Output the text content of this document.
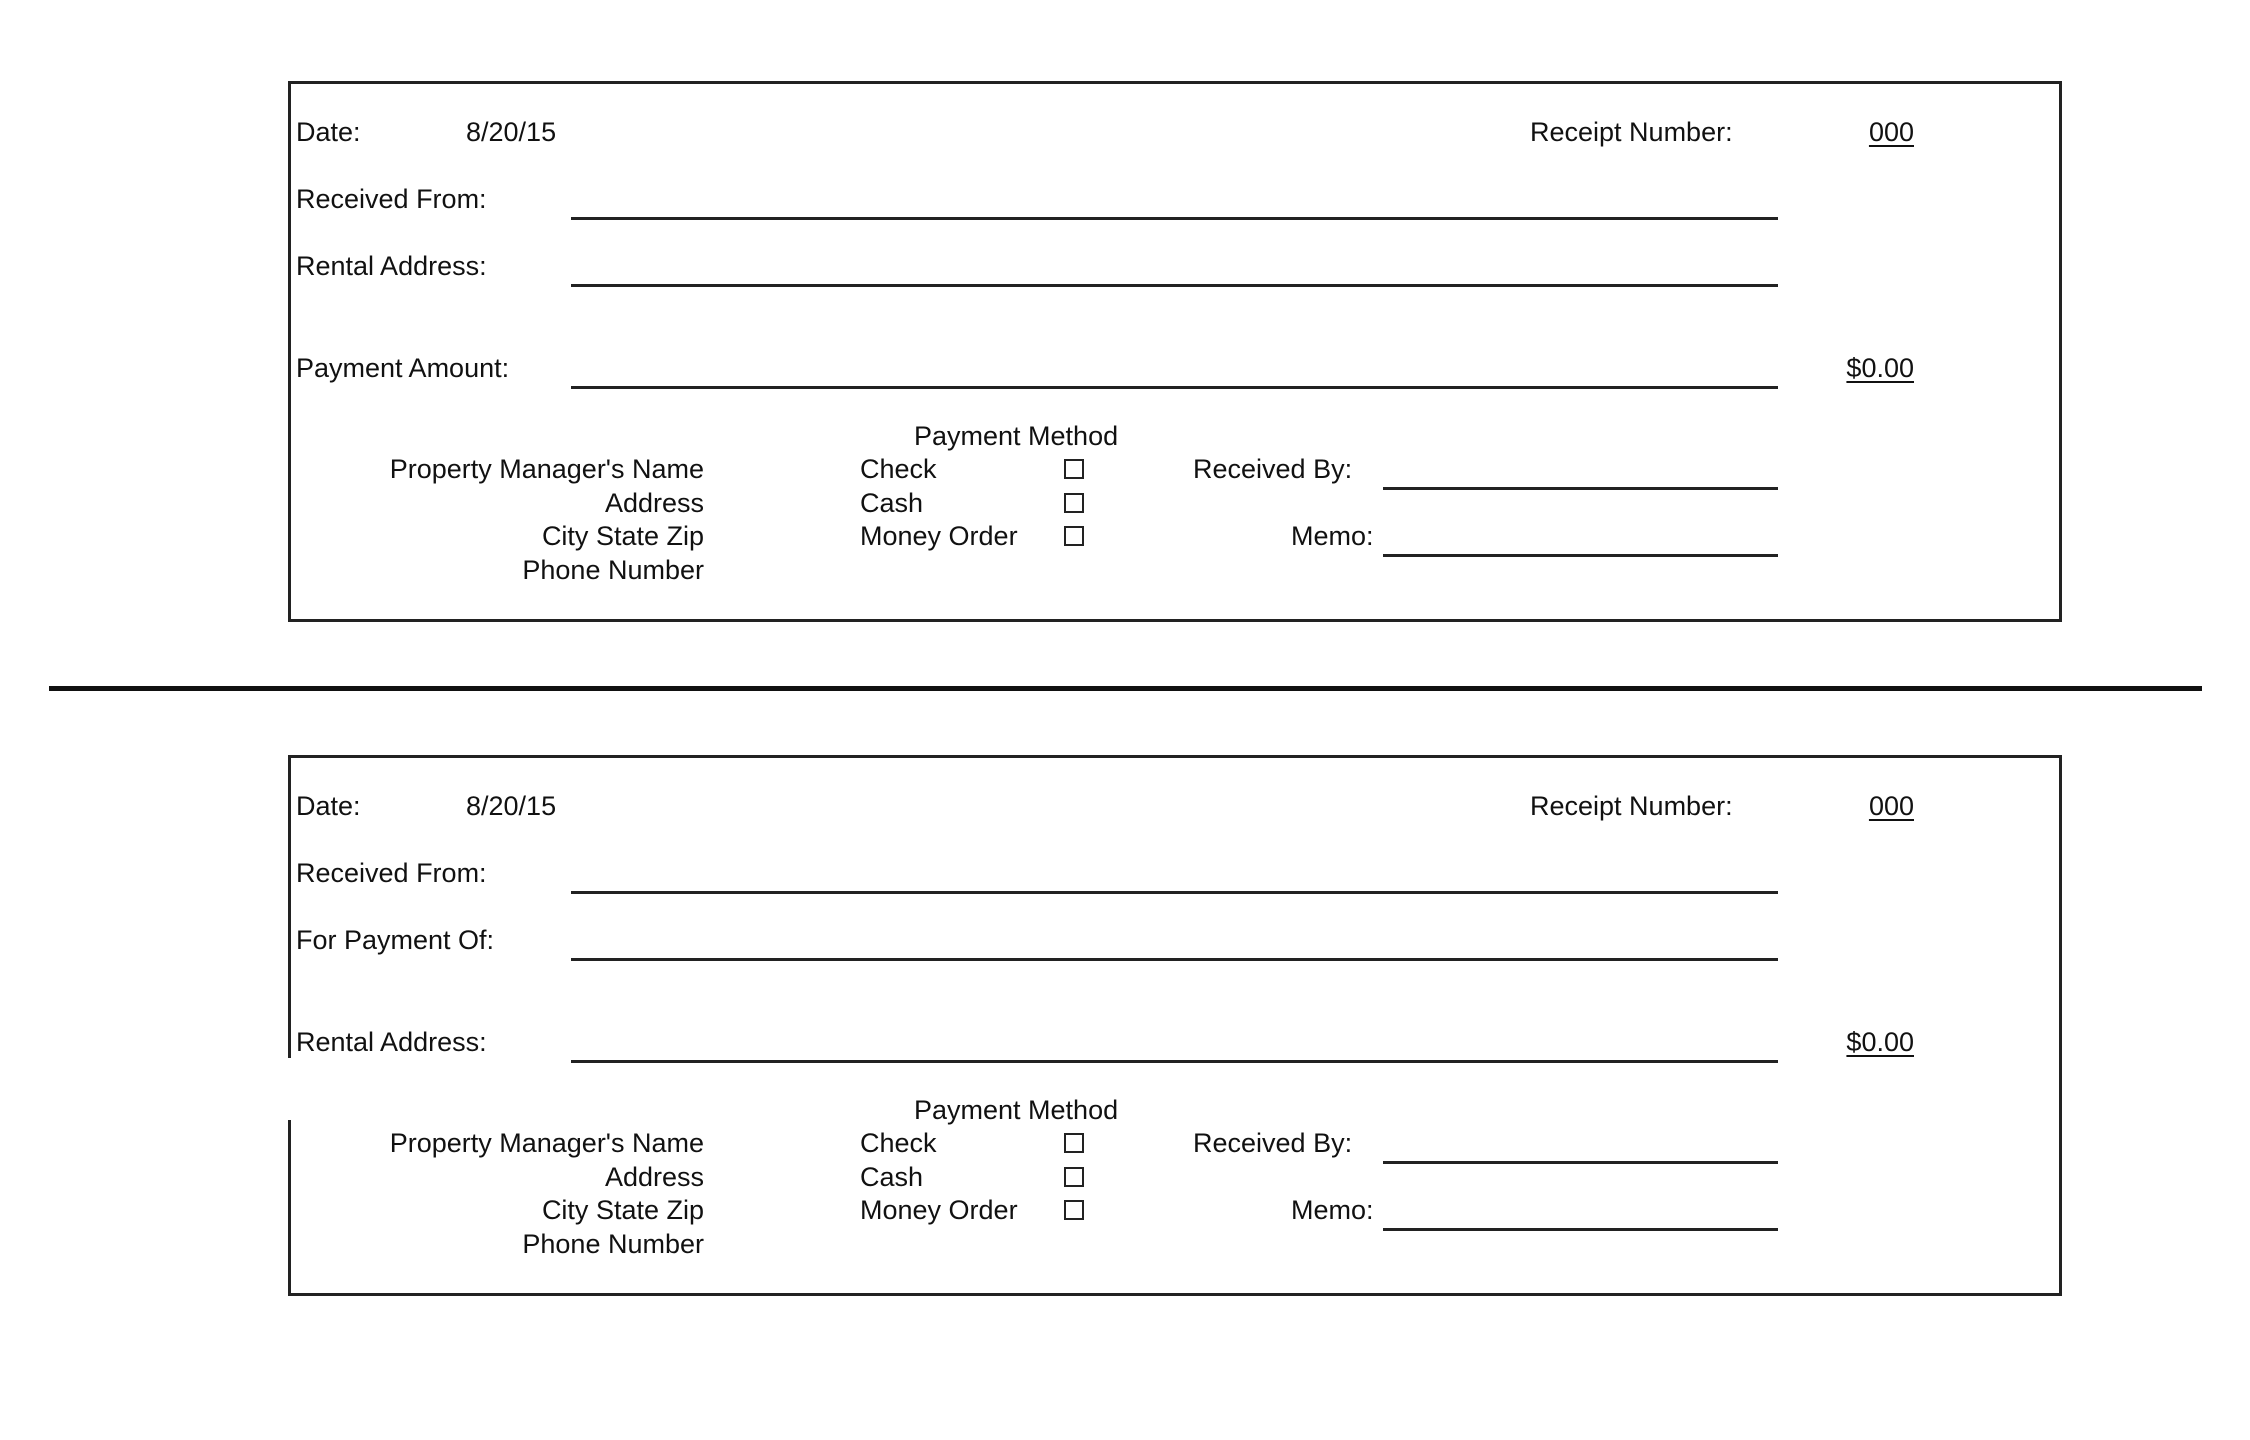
Date:	8/20/15	Receipt Number:	000
Received From:
Rental Address:
Payment Amount:	$0.00
Payment Method
Property Manager's Name
Address
City State Zip
Phone Number
Check
Cash
Money Order
Received By:
Memo:
Date:	8/20/15	Receipt Number:	000
Received From:
For Payment Of:
Rental Address:	$0.00
Payment Method
Property Manager's Name
Address
City State Zip
Phone Number
Check
Cash
Money Order
Received By:
Memo:
